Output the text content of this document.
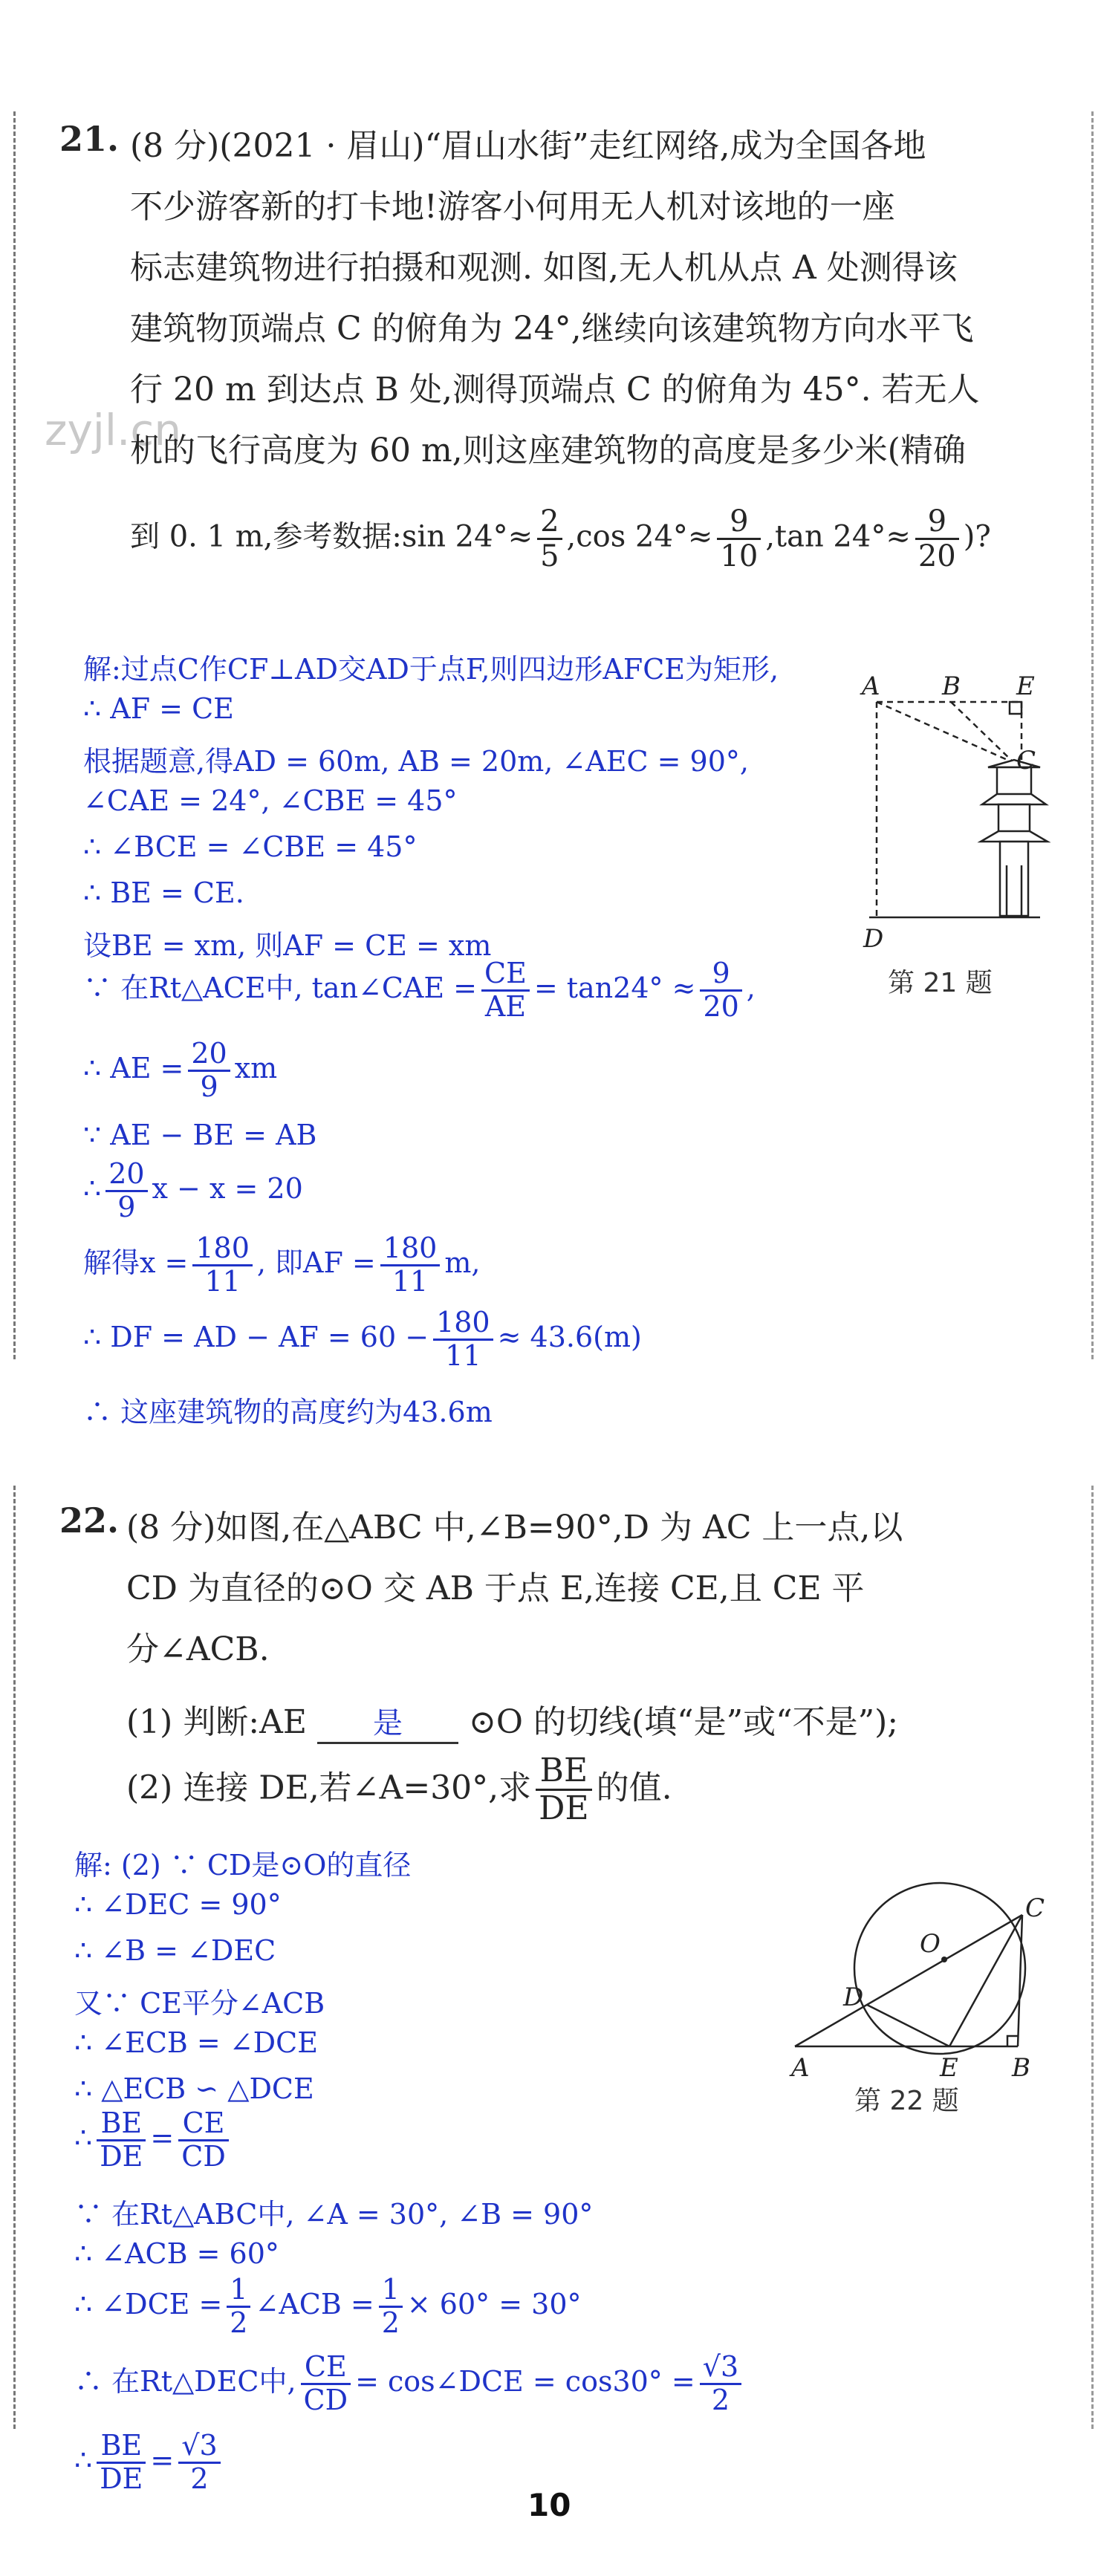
zyjl.cn
21. (8 分)(2021 · 眉山)“眉山水街”走红网络,成为全国各地
不少游客新的打卡地!游客小何用无人机对该地的一座
标志建筑物进行拍摄和观测. 如图,无人机从点 A 处测得该
建筑物顶端点 C 的俯角为 24°,继续向该建筑物方向水平飞
行 20 m 到达点 B 处,测得顶端点 C 的俯角为 45°. 若无人
机的飞行高度为 60 m,则这座建筑物的高度是多少米(精确
到 0. 1 m,参考数据:sin $24^\circ\approx \frac{2}{5} ,\cos$ $24^\circ\approx \frac{9}{10} ,\tan$ $24^\circ\approx \frac{9}{20}$ )?
A B E
C
D
第 21 题
解:过点C作CF⊥AD交AD于点F,则四边形AFCE为矩形,
∴ AF = CE
根据题意,得AD = 60m, AB = 20m, ∠AEC = 90°,
∠CAE = 24°, ∠CBE = 45°
∴ ∠BCE = ∠CBE = 45°
∴ BE = CE.
设BE = xm, 则AF = CE = xm
∵ 在Rt△ACE中, tan∠CAE = $\frac{CE}{AE} = \tan 24^\circ \approx \frac{9}{20}$ ,
∴ AE = $\frac{20}{9}$ xm
∵ AE − BE = AB
∴ $\frac{20}{9}$ x − x = 20
解得$x = \frac{180}{11}$ , 即AF = $\frac{180}{11} m$,
∴ DF = AD − AF = $60 - \frac{180}{11} \approx 43.6(m)$
∴ 这座建筑物的高度约为43.6m
22. (8 分)如图,在△ABC 中,∠B=90°,D 为 AC 上一点,以
CD 为直径的⊙O 交 AB 于点 E,连接 CE,且 CE 平
分∠ACB.
(1) 判断:AE 是 ⊙O 的切线(填“是”或“不是”);
(2) 连接 DE,若∠A=30°,求 $\frac{BE}{DE}$ 的值.
O
C
D
A	E B
第 22 题
解: (2) ∵ CD是⊙O的直径
∴ ∠DEC = 90°
∴ ∠B = ∠DEC
又∵ CE平分∠ACB
∴ ∠ECB = ∠DCE
∴ △ECB ∽ △DCE
∴ $\frac{BE}{DE} = \frac{CE}{CD}$
∵ 在Rt△ABC中, ∠A = 30°, ∠B = 90°
∴ ∠ACB = 60°
∴ ∠DCE = $\frac{1}{2}$ ∠ACB = $\frac{1}{2} \times 60^\circ = 30^\circ$
∴ 在Rt△DEC中, $\frac{CE}{CD}$ = cos∠DCE = $\cos 30^\circ = \frac{√3}{2}$
∴ $\frac{BE}{DE} = \frac{√3}{2}$
10
